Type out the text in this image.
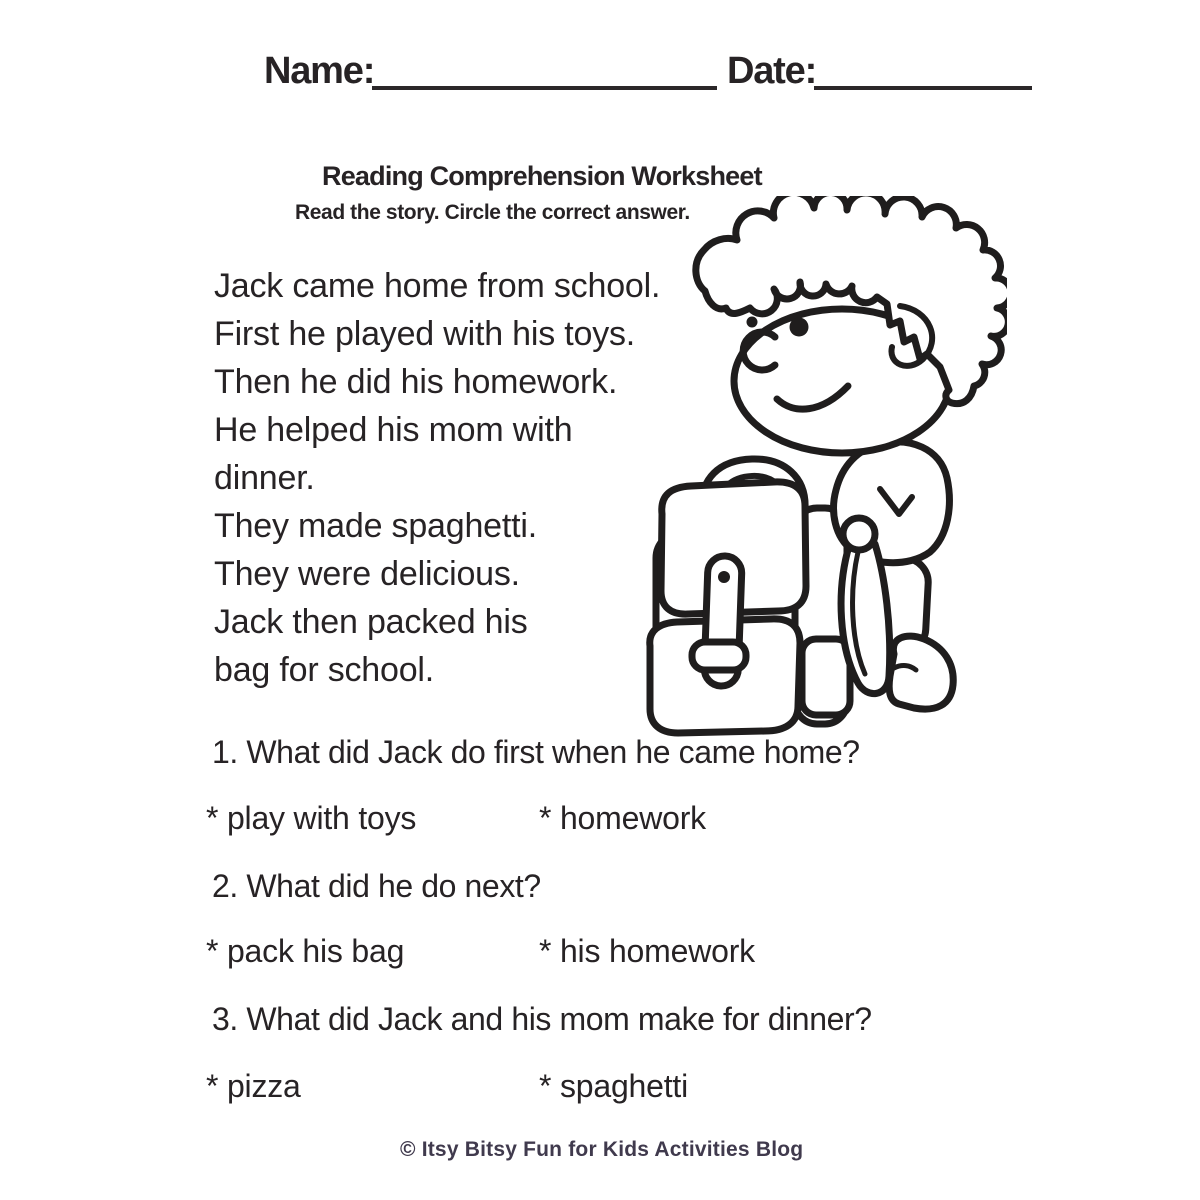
Name:	Date:
Reading Comprehension Worksheet
Read the story. Circle the correct answer.
Jack came home from school.
First he played with his toys.
Then he did his homework.
He helped his mom with
dinner.
They made spaghetti.
They were delicious.
Jack then packed his
bag for school.
1. What did Jack do first when he came home?
* play with toys	* homework
2. What did he do next?
* pack his bag	* his homework
3. What did Jack and his mom make for dinner?
* pizza	* spaghetti
© Itsy Bitsy Fun for Kids Activities Blog
